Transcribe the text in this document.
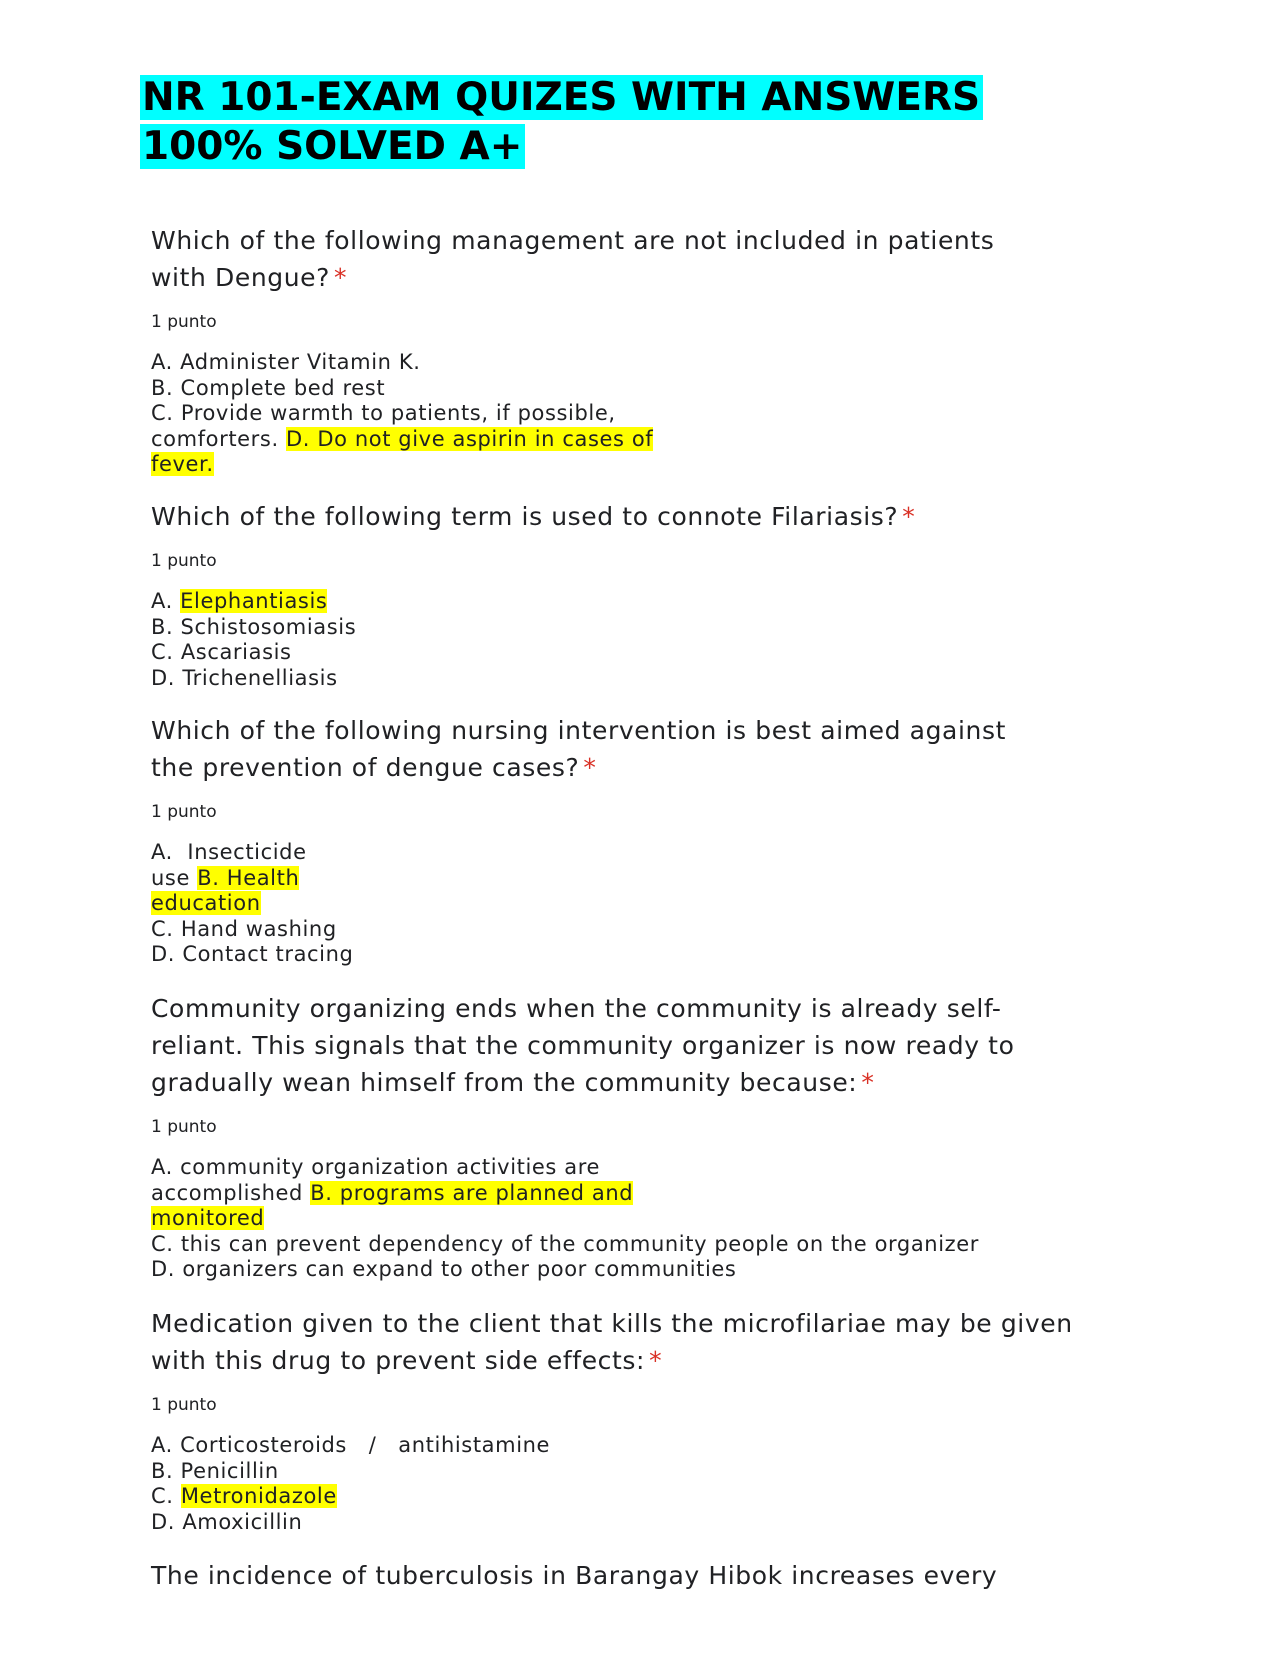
NR 101-EXAM QUIZES WITH ANSWERS
100% SOLVED A+

Which of the following management are not included in patients
with Dengue? *

1 punto

A. Administer Vitamin K.
B. Complete bed rest
C. Provide warmth to patients, if possible,
comforters. D. Do not give aspirin in cases of
fever.

Which of the following term is used to connote Filariasis? *

1 punto

A. Elephantiasis
B. Schistosomiasis
C. Ascariasis
D. Trichenelliasis

Which of the following nursing intervention is best aimed against
the prevention of dengue cases? *

1 punto

A.  Insecticide
use B. Health
education
C. Hand washing
D. Contact tracing

Community organizing ends when the community is already self-
reliant. This signals that the community organizer is now ready to
gradually wean himself from the community because: *

1 punto

A. community organization activities are
accomplished B. programs are planned and
monitored
C. this can prevent dependency of the community people on the organizer
D. organizers can expand to other poor communities

Medication given to the client that kills the microfilariae may be given
with this drug to prevent side effects: *

1 punto

A. Corticosteroids   /   antihistamine
B. Penicillin
C. Metronidazole
D. Amoxicillin

The incidence of tuberculosis in Barangay Hibok increases every
